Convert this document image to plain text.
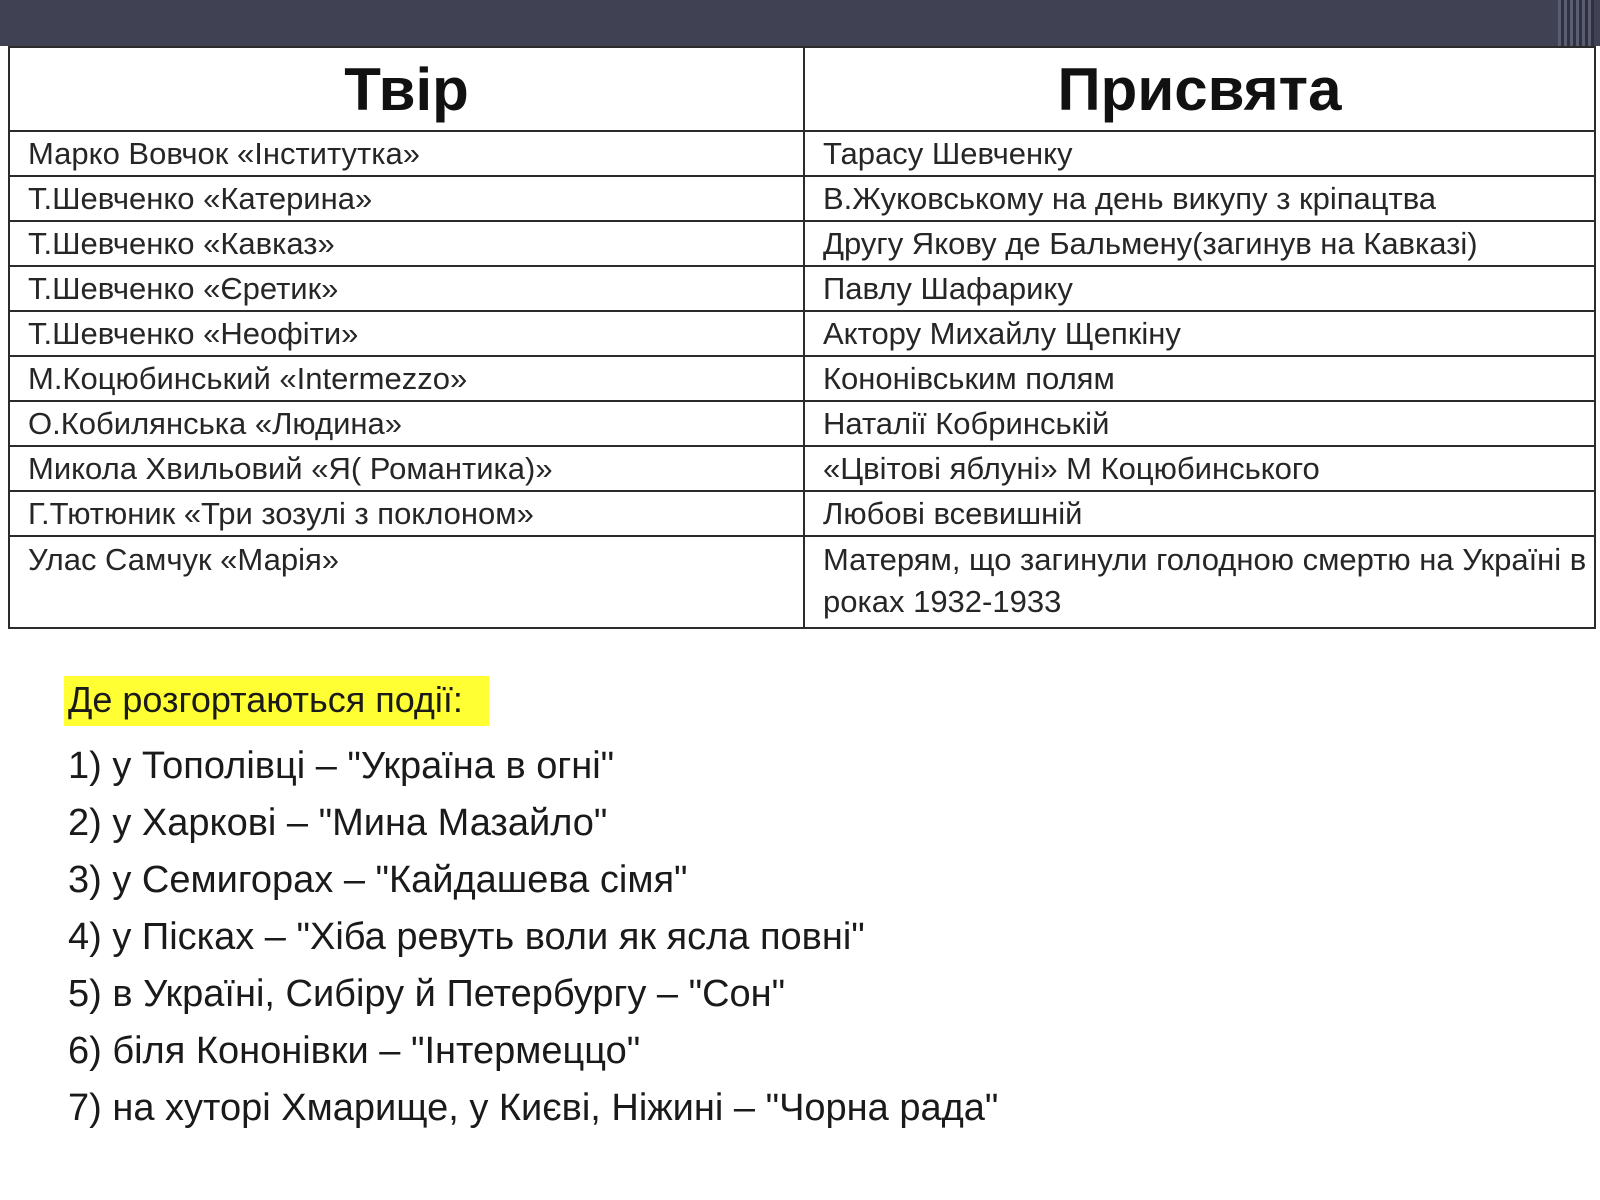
Твір	Присвята
Марко Вовчок «Інститутка»	Тарасу Шевченку
Т.Шевченко «Катерина»	В.Жуковському на день викупу з кріпацтва
Т.Шевченко «Кавказ»	Другу Якову де Бальмену(загинув на Кавказі)
Т.Шевченко «Єретик»	Павлу Шафарику
Т.Шевченко «Неофіти»	Актору Михайлу Щепкіну
М.Коцюбинський «Intermezzo»	Кононівським полям
О.Кобилянська «Людина»	Наталії Кобринській
Микола Хвильовий «Я( Романтика)»	«Цвітові яблуні» М Коцюбинського
Г.Тютюник «Три зозулі з поклоном»	Любові всевишній
Улас Самчук «Марія»	Матерям, що загинули голодною смертю на Україні в роках 1932-1933
Де розгортаються події:
1) у Тополівці – "Україна в огні"
2) у Харкові – "Мина Мазайло"
3) у Семигорах – "Кайдашева сімя"
4) у Пісках – "Хіба ревуть воли як ясла повні"
5) в Україні, Сибіру й Петербургу – "Сон"
6) біля Кононівки – "Інтермеццо"
7) на хуторі Хмарище, у Києві, Ніжині – "Чорна рада"
